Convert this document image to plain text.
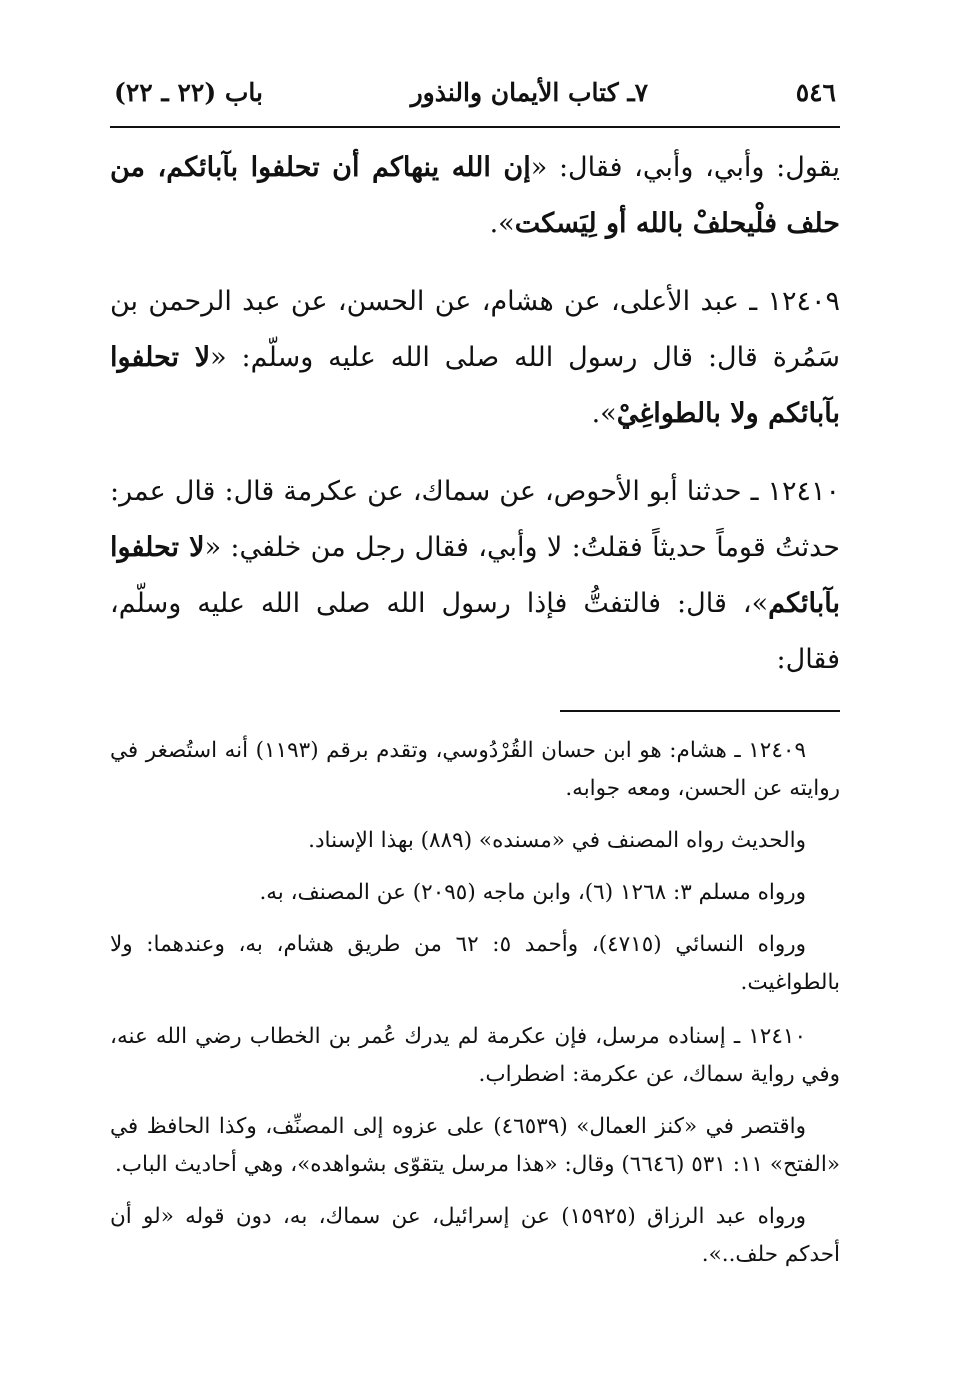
٥٤٦
٧ـ كتاب الأيمان والنذور
باب (٢٢ ـ ٢٢)

يقول: وأبي، وأبي، فقال: «إن الله ينهاكم أن تحلفوا بآبائكم، من حلف فلْيحلفْ بالله أو لِيَسكت».

١٢٤٠٩ ـ عبد الأعلى، عن هشام، عن الحسن، عن عبد الرحمن بن سَمُرة قال: قال رسول الله صلى الله عليه وسلّم: «لا تحلفوا بآبائكم ولا بالطواغِيْ».

١٢٤١٠ ـ حدثنا أبو الأحوص، عن سماك، عن عكرمة قال: قال عمر: حدثتُ قوماً حديثاً فقلتُ: لا وأبي، فقال رجل من خلفي: «لا تحلفوا بآبائكم»، قال: فالتفتُّ فإذا رسول الله صلى الله عليه وسلّم، فقال:

١٢٤٠٩ ـ هشام: هو ابن حسان القُرْدُوسي، وتقدم برقم (١١٩٣) أنه استُصغر في روايته عن الحسن، ومعه جوابه.

والحديث رواه المصنف في «مسنده» (٨٨٩) بهذا الإسناد.

ورواه مسلم ٣: ١٢٦٨ (٦)، وابن ماجه (٢٠٩٥) عن المصنف، به.

ورواه النسائي (٤٧١٥)، وأحمد ٥: ٦٢ من طريق هشام، به، وعندهما: ولا بالطواغيت.

١٢٤١٠ ـ إسناده مرسل، فإن عكرمة لم يدرك عُمر بن الخطاب رضي الله عنه، وفي رواية سماك، عن عكرمة: اضطراب.

واقتصر في «كنز العمال» (٤٦٥٣٩) على عزوه إلى المصنِّف، وكذا الحافظ في «الفتح» ١١: ٥٣١ (٦٦٤٦) وقال: «هذا مرسل يتقوّى بشواهده»، وهي أحاديث الباب.

ورواه عبد الرزاق (١٥٩٢٥) عن إسرائيل، عن سماك، به، دون قوله «لو أن أحدكم حلف..».
